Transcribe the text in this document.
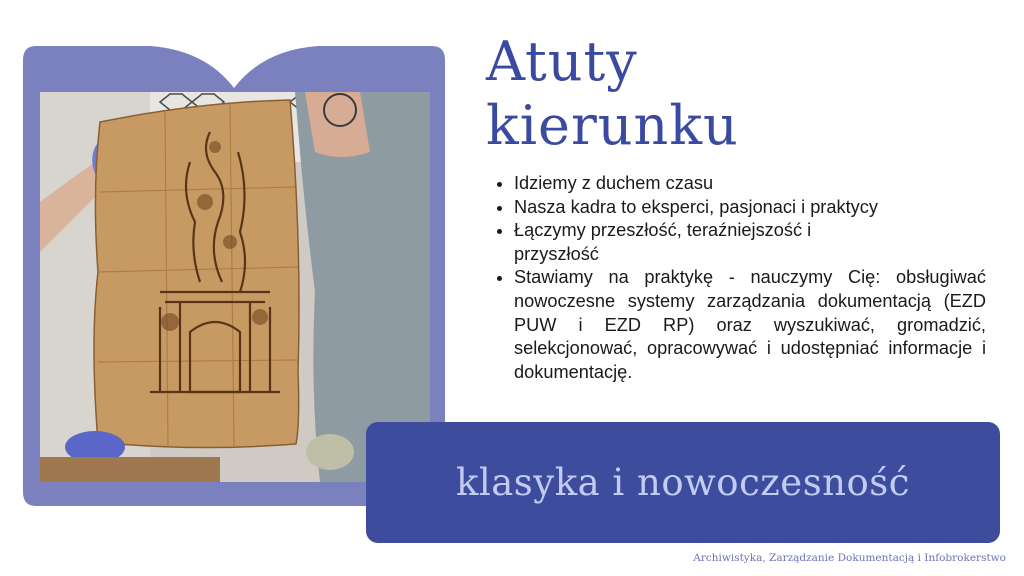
Atuty
kierunku
• Idziemy z duchem czasu
• Nasza kadra to eksperci, pasjonaci i praktycy
• Łączymy przeszłość, teraźniejszość i przyszłość
• Stawiamy na praktykę - nauczymy Cię: obsługiwać nowoczesne systemy zarządzania dokumentacją (EZD PUW i EZD RP) oraz wyszukiwać, gromadzić, selekcjonować, opracowywać i udostępniać informacje i dokumentację.
klasyka i nowoczesność
Archiwistyka, Zarządzanie Dokumentacją i Infobrokerstwo
